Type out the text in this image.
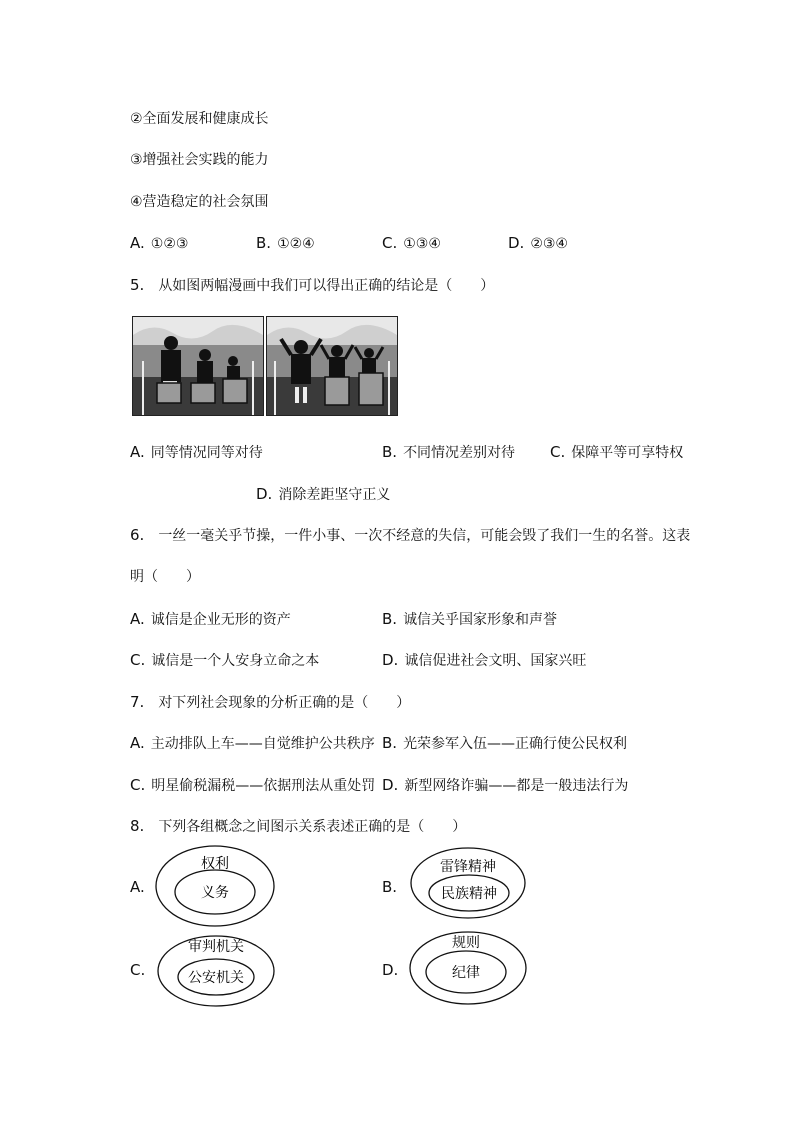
②全面发展和健康成长
③增强社会实践的能力
④营造稳定的社会氛围
A. ①②③	B. ①②④	C. ①③④	D. ②③④
5. 从如图两幅漫画中我们可以得出正确的结论是（　　）
A. 同等情况同等对待	B. 不同情况差别对待 C. 保障平等可享特权
D. 消除差距坚守正义
6. 一丝一毫关乎节操，一件小事、一次不经意的失信，可能会毁了我们一生的名誉。这表
明（　　）
A. 诚信是企业无形的资产	B. 诚信关乎国家形象和声誉
C. 诚信是一个人安身立命之本	D. 诚信促进社会文明、国家兴旺
7. 对下列社会现象的分析正确的是（　　）
A. 主动排队上车——自觉维护公共秩序 B. 光荣参军入伍——正确行使公民权利
C. 明星偷税漏税——依据刑法从重处罚 D. 新型网络诈骗——都是一般违法行为
8. 下列各组概念之间图示关系表述正确的是（　　）
A.
权利
义务	B.
雷锋精神
民族精神
C.
审判机关
公安机关	D.
规则
纪律
